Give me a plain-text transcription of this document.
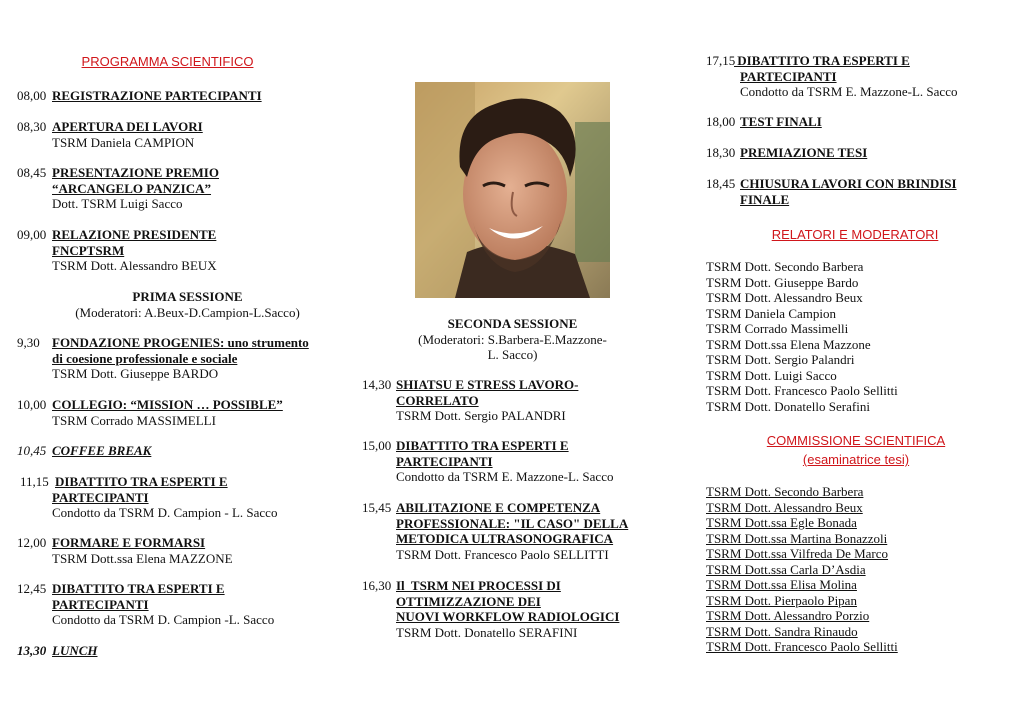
PROGRAMMA SCIENTIFICO
08,00 REGISTRAZIONE PARTECIPANTI
08,30 APERTURA DEI LAVORI
TSRM Daniela CAMPION
08,45 PRESENTAZIONE PREMIO
“ARCANGELO PANZICA”
Dott. TSRM Luigi Sacco
09,00 RELAZIONE PRESIDENTE
FNCPTSRM
TSRM Dott. Alessandro BEUX
PRIMA SESSIONE
(Moderatori: A.Beux-D.Campion-L.Sacco)
9,30 FONDAZIONE PROGENIES: uno strumento
di coesione professionale e sociale
TSRM Dott. Giuseppe BARDO
10,00 COLLEGIO: “MISSION … POSSIBLE”
TSRM Corrado MASSIMELLI
10,45 COFFEE BREAK
11,15 DIBATTITO TRA ESPERTI E
PARTECIPANTI
Condotto da TSRM D. Campion - L. Sacco
12,00 FORMARE E FORMARSI
TSRM Dott.ssa Elena MAZZONE
12,45 DIBATTITO TRA ESPERTI E
PARTECIPANTI
Condotto da TSRM D. Campion -L. Sacco
13,30 LUNCH
SECONDA SESSIONE
(Moderatori: S.Barbera-E.Mazzone-
L. Sacco)
14,30 SHIATSU E STRESS LAVORO-
CORRELATO
TSRM Dott. Sergio PALANDRI
15,00 DIBATTITO TRA ESPERTI E
PARTECIPANTI
Condotto da TSRM E. Mazzone-L. Sacco
15,45 ABILITAZIONE E COMPETENZA
PROFESSIONALE: "IL CASO" DELLA
METODICA ULTRASONOGRAFICA
TSRM Dott. Francesco Paolo SELLITTI
16,30 Il  TSRM NEI PROCESSI DI
OTTIMIZZAZIONE DEI
NUOVI WORKFLOW RADIOLOGICI
TSRM Dott. Donatello SERAFINI
17,15
DIBATTITO TRA ESPERTI E
PARTECIPANTI
Condotto da TSRM E. Mazzone-L. Sacco
18,00 TEST FINALI
18,30 PREMIAZIONE TESI
18,45 CHIUSURA LAVORI CON BRINDISI
FINALE
RELATORI E MODERATORI
TSRM Dott. Secondo Barbera
TSRM Dott. Giuseppe Bardo
TSRM Dott. Alessandro Beux
TSRM Daniela Campion
TSRM Corrado Massimelli
TSRM Dott.ssa Elena Mazzone
TSRM Dott. Sergio Palandri
TSRM Dott. Luigi Sacco
TSRM Dott. Francesco Paolo Sellitti
TSRM Dott. Donatello Serafini
COMMISSIONE SCIENTIFICA
(esaminatrice tesi)
TSRM Dott. Secondo Barbera
TSRM Dott. Alessandro Beux
TSRM Dott.ssa Egle Bonada
TSRM Dott.ssa Martina Bonazzoli
TSRM Dott.ssa Vilfreda De Marco
TSRM Dott.ssa Carla D’Asdia
TSRM Dott.ssa Elisa Molina
TSRM Dott. Pierpaolo Pipan
TSRM Dott. Alessandro Porzio
TSRM Dott. Sandra Rinaudo
TSRM Dott. Francesco Paolo Sellitti
